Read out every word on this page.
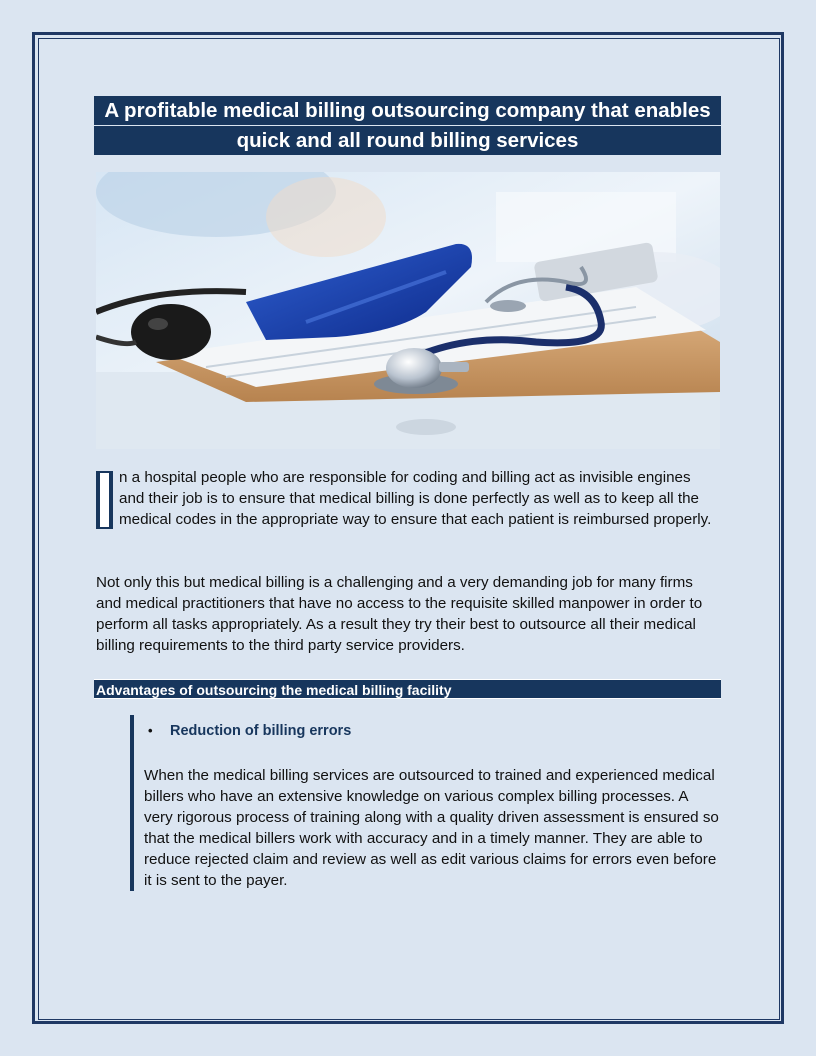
A profitable medical billing outsourcing company that enables
quick and all round billing services

n a hospital people who are responsible for coding and billing act as invisible engines and their job is to ensure that medical billing is done perfectly as well as to keep all the medical codes in the appropriate way to ensure that each patient is reimbursed properly.

Not only this but medical billing is a challenging and a very demanding job for many firms and medical practitioners that have no access to the requisite skilled manpower in order to perform all tasks appropriately. As a result they try their best to outsource all their medical billing requirements to the third party service providers.

Advantages of outsourcing the medical billing facility
• Reduction of billing errors

When the medical billing services are outsourced to trained and experienced medical billers who have an extensive knowledge on various complex billing processes. A very rigorous process of training along with a quality driven assessment is ensured so that the medical billers work with accuracy and in a timely manner. They are able to reduce rejected claim and review as well as edit various claims for errors even before it is sent to the payer.
